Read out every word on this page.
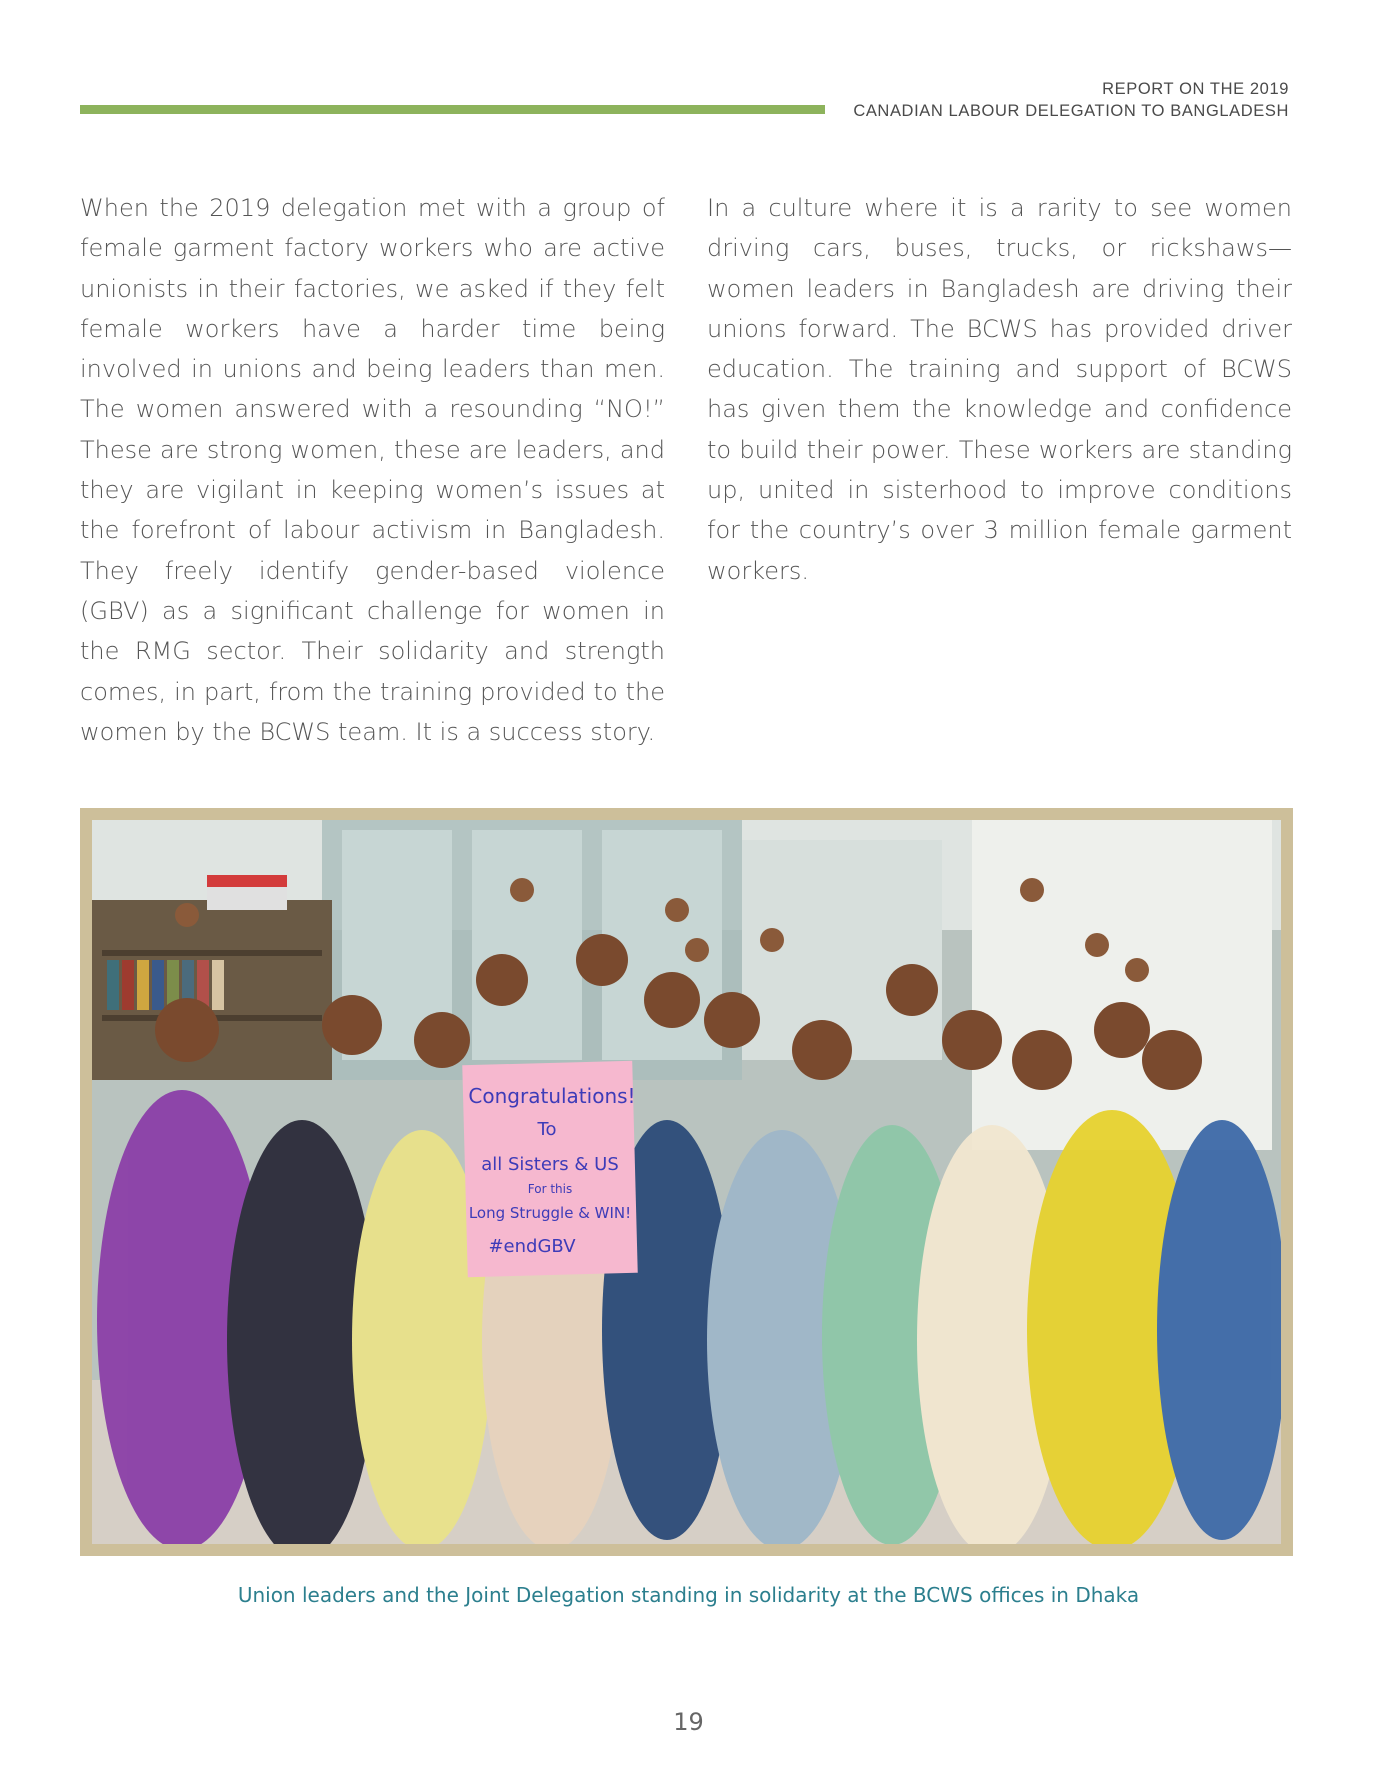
REPORT ON THE 2019
CANADIAN LABOUR DELEGATION TO BANGLADESH

When the 2019 delegation met with a group of female garment factory workers who are active unionists in their factories, we asked if they felt female workers have a harder time being involved in unions and being leaders than men. The women answered with a resounding “NO!” These are strong women, these are leaders, and they are vigilant in keeping women’s issues at the forefront of labour activism in Bangladesh. They freely identify gender-based violence (GBV) as a significant challenge for women in the RMG sector. Their solidarity and strength comes, in part, from the training provided to the women by the BCWS team. It is a success story.

In a culture where it is a rarity to see women driving cars, buses, trucks, or rickshaws—women leaders in Bangladesh are driving their unions forward. The BCWS has provided driver education. The training and support of BCWS has given them the knowledge and confidence to build their power. These workers are standing up, united in sisterhood to improve conditions for the country’s over 3 million female garment workers.

Congratulations!
To
all Sisters & US
For this
Long Struggle & WIN!
#endGBV
Union leaders and the Joint Delegation standing in solidarity at the BCWS offices in Dhaka
19
